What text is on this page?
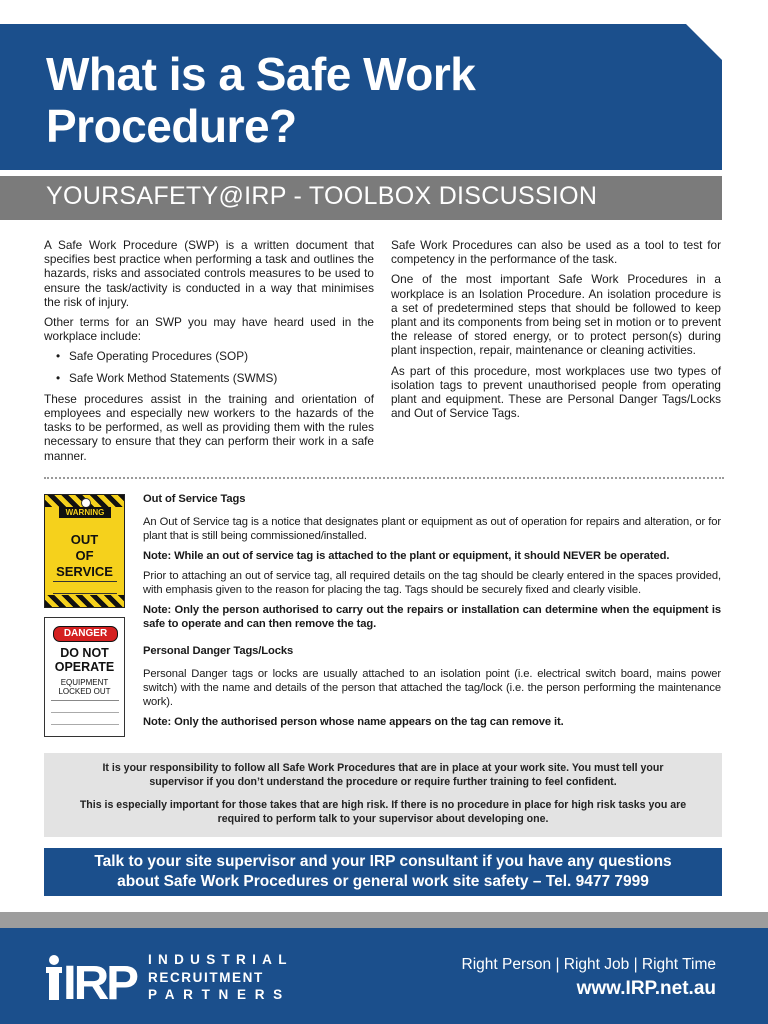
What is a Safe Work
Procedure?
YOURSAFETY@IRP - TOOLBOX DISCUSSION

A Safe Work Procedure (SWP) is a written document that specifies best practice when performing a task and outlines the hazards, risks and associated controls measures to be used to ensure the task/activity is conducted in a way that minimises the risk of injury.

Other terms for an SWP you may have heard used in the workplace include:

• Safe Operating Procedures (SOP)
• Safe Work Method Statements (SWMS)

These procedures assist in the training and orientation of employees and especially new workers to the hazards of the tasks to be performed, as well as providing them with the rules necessary to ensure that they can perform their work in a safe manner.

Safe Work Procedures can also be used as a tool to test for competency in the performance of the task.

One of the most important Safe Work Procedures in a workplace is an Isolation Procedure. An isolation procedure is a set of predetermined steps that should be followed to keep plant and its components from being set in motion or to prevent the release of stored energy, or to protect person(s) during plant inspection, repair, maintenance or cleaning activities.

As part of this procedure, most workplaces use two types of isolation tags to prevent unauthorised people from operating plant and equipment. These are Personal Danger Tags/Locks and Out of Service Tags.

WARNING
OUT
OF
SERVICE
DANGER
DO NOT
OPERATE
EQUIPMENT
LOCKED OUT
Out of Service Tags

An Out of Service tag is a notice that designates plant or equipment as out of operation for repairs and alteration, or for plant that is still being commissioned/installed.

Note: While an out of service tag is attached to the plant or equipment, it should NEVER be operated.

Prior to attaching an out of service tag, all required details on the tag should be clearly entered in the spaces provided, with emphasis given to the reason for placing the tag. Tags should be securely fixed and clearly visible.

Note: Only the person authorised to carry out the repairs or installation can determine when the equipment is safe to operate and can then remove the tag.

Personal Danger Tags/Locks

Personal Danger tags or locks are usually attached to an isolation point (i.e. electrical switch board, mains power switch) with the name and details of the person that attached the tag/lock (i.e. the person performing the maintenance work).

Note: Only the authorised person whose name appears on the tag can remove it.

It is your responsibility to follow all Safe Work Procedures that are in place at your work site. You must tell your supervisor if you don’t understand the procedure or require further training to feel confident.

This is especially important for those takes that are high risk. If there is no procedure in place for high risk tasks you are required to perform talk to your supervisor about developing one.

Talk to your site supervisor and your IRP consultant if you have any questions
about Safe Work Procedures or general work site safety – Tel. 9477 7999
IRP INDUSTRIAL
RECRUITMENT
PARTNERS
Right Person | Right Job | Right Time
www.IRP.net.au
